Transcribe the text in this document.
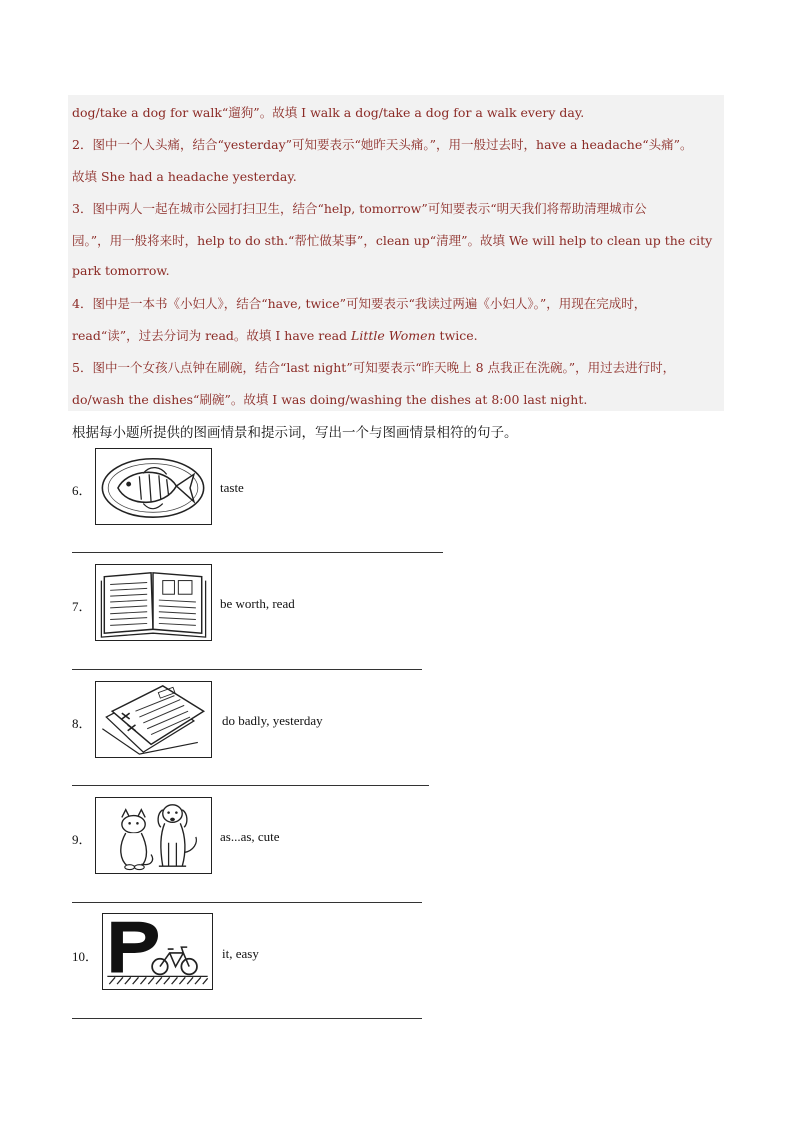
dog/take a dog for walk“遛狗”。故填 I walk a dog/take a dog for a walk every day.
2．图中一个人头痛，结合“yesterday”可知要表示“她昨天头痛。”，用一般过去时，have a headache“头痛”。
故填 She had a headache yesterday.
3．图中两人一起在城市公园打扫卫生，结合“help, tomorrow”可知要表示“明天我们将帮助清理城市公
园。”，用一般将来时，help to do sth.“帮忙做某事”，clean up“清理”。故填 We will help to clean up the city
park tomorrow.
4．图中是一本书《小妇人》，结合“have, twice”可知要表示“我读过两遍《小妇人》。”，用现在完成时，
read“读”，过去分词为 read。故填 I have read Little Women twice.
5．图中一个女孩八点钟在刷碗，结合“last night”可知要表示“昨天晚上 8 点我正在洗碗。”，用过去进行时，
do/wash the dishes“刷碗”。故填 I was doing/washing the dishes at 8:00 last night.
根据每小题所提供的图画情景和提示词，写出一个与图画情景相符的句子。
6．	taste
7．	be worth, read
8．	do badly, yesterday
9．	as...as, cute
10．	it, easy
